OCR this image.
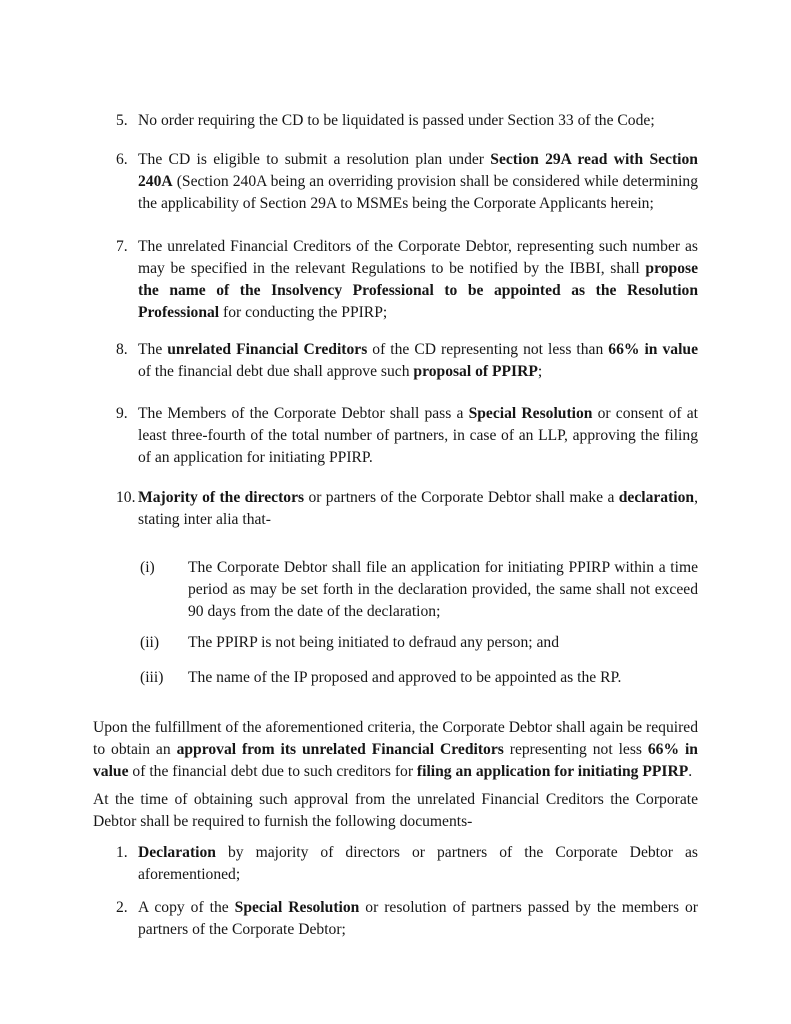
5. No order requiring the CD to be liquidated is passed under Section 33 of the Code;
6. The CD is eligible to submit a resolution plan under Section 29A read with Section 240A (Section 240A being an overriding provision shall be considered while determining the applicability of Section 29A to MSMEs being the Corporate Applicants herein;
7. The unrelated Financial Creditors of the Corporate Debtor, representing such number as may be specified in the relevant Regulations to be notified by the IBBI, shall propose the name of the Insolvency Professional to be appointed as the Resolution Professional for conducting the PPIRP;
8. The unrelated Financial Creditors of the CD representing not less than 66% in value of the financial debt due shall approve such proposal of PPIRP;
9. The Members of the Corporate Debtor shall pass a Special Resolution or consent of at least three-fourth of the total number of partners, in case of an LLP, approving the filing of an application for initiating PPIRP.
10. Majority of the directors or partners of the Corporate Debtor shall make a declaration, stating inter alia that-
(i)	The Corporate Debtor shall file an application for initiating PPIRP within a time period as may be set forth in the declaration provided, the same shall not exceed 90 days from the date of the declaration;
(ii)	The PPIRP is not being initiated to defraud any person; and
(iii)	The name of the IP proposed and approved to be appointed as the RP.

Upon the fulfillment of the aforementioned criteria, the Corporate Debtor shall again be required to obtain an approval from its unrelated Financial Creditors representing not less 66% in value of the financial debt due to such creditors for filing an application for initiating PPIRP.

At the time of obtaining such approval from the unrelated Financial Creditors the Corporate Debtor shall be required to furnish the following documents-

1. Declaration by majority of directors or partners of the Corporate Debtor as aforementioned;
2. A copy of the Special Resolution or resolution of partners passed by the members or partners of the Corporate Debtor;
